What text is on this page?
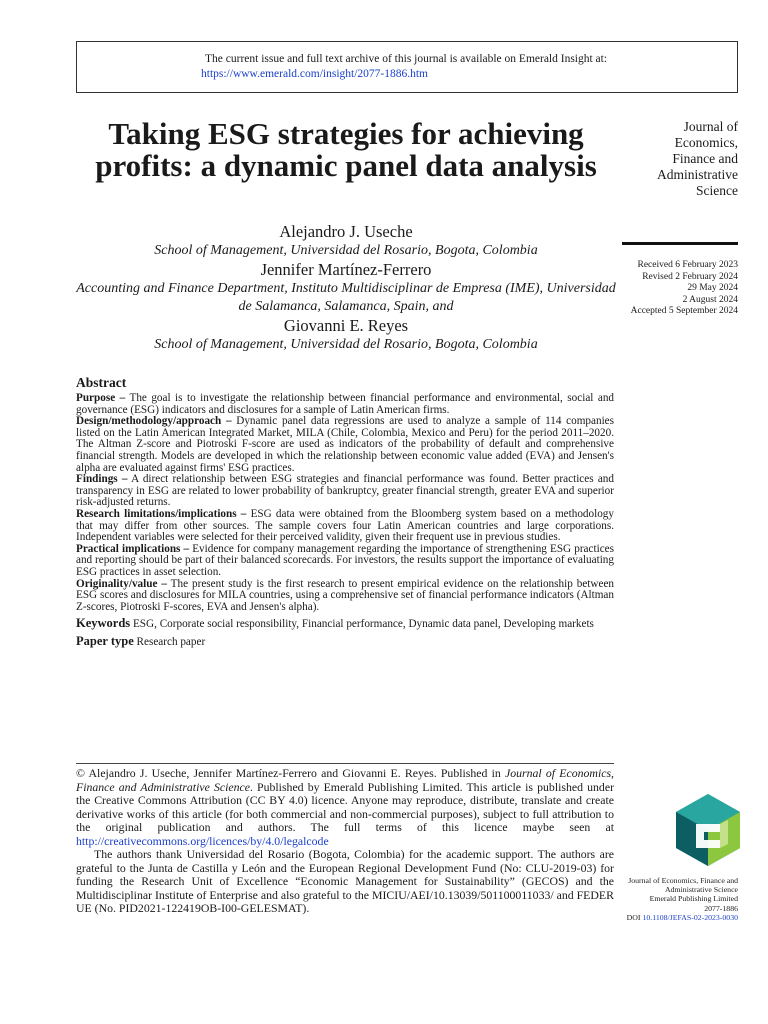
The current issue and full text archive of this journal is available on Emerald Insight at:
https://www.emerald.com/insight/2077-1886.htm
Taking ESG strategies for achieving profits: a dynamic panel data analysis
Alejandro J. Useche
School of Management, Universidad del Rosario, Bogota, Colombia
Jennifer Martínez-Ferrero
Accounting and Finance Department, Instituto Multidisciplinar de Empresa (IME), Universidad de Salamanca, Salamanca, Spain, and
Giovanni E. Reyes
School of Management, Universidad del Rosario, Bogota, Colombia
Journal of
Economics,
Finance and
Administrative
Science
Received 6 February 2023
Revised 2 February 2024
29 May 2024
2 August 2024
Accepted 5 September 2024
Abstract

Purpose – The goal is to investigate the relationship between financial performance and environmental, social and governance (ESG) indicators and disclosures for a sample of Latin American firms.

Design/methodology/approach – Dynamic panel data regressions are used to analyze a sample of 114 companies listed on the Latin American Integrated Market, MILA (Chile, Colombia, Mexico and Peru) for the period 2011–2020. The Altman Z-score and Piotroski F-score are used as indicators of the probability of default and comprehensive financial strength. Models are developed in which the relationship between economic value added (EVA) and Jensen's alpha are evaluated against firms' ESG practices.

Findings – A direct relationship between ESG strategies and financial performance was found. Better practices and transparency in ESG are related to lower probability of bankruptcy, greater financial strength, greater EVA and superior risk-adjusted returns.

Research limitations/implications – ESG data were obtained from the Bloomberg system based on a methodology that may differ from other sources. The sample covers four Latin American countries and large corporations. Independent variables were selected for their perceived validity, given their frequent use in previous studies.

Practical implications – Evidence for company management regarding the importance of strengthening ESG practices and reporting should be part of their balanced scorecards. For investors, the results support the importance of evaluating ESG practices in asset selection.

Originality/value – The present study is the first research to present empirical evidence on the relationship between ESG scores and disclosures for MILA countries, using a comprehensive set of financial performance indicators (Altman Z-scores, Piotroski F-scores, EVA and Jensen's alpha).

Keywords ESG, Corporate social responsibility, Financial performance, Dynamic data panel, Developing markets

Paper type Research paper

© Alejandro J. Useche, Jennifer Martínez-Ferrero and Giovanni E. Reyes. Published in Journal of Economics, Finance and Administrative Science. Published by Emerald Publishing Limited. This article is published under the Creative Commons Attribution (CC BY 4.0) licence. Anyone may reproduce, distribute, translate and create derivative works of this article (for both commercial and non-commercial purposes), subject to full attribution to the original publication and authors. The full terms of this licence maybe seen at http://creativecommons.org/licences/by/4.0/legalcode

The authors thank Universidad del Rosario (Bogota, Colombia) for the academic support. The authors are grateful to the Junta de Castilla y León and the European Regional Development Fund (No: CLU-2019-03) for funding the Research Unit of Excellence “Economic Management for Sustainability” (GECOS) and the Multidisciplinar Institute of Enterprise and also grateful to the MICIU/AEI/10.13039/501100011033/ and FEDER UE (No. PID2021-122419OB-I00-GELESMAT).

Journal of Economics, Finance and
Administrative Science
Emerald Publishing Limited
2077-1886
DOI 10.1108/JEFAS-02-2023-0030
